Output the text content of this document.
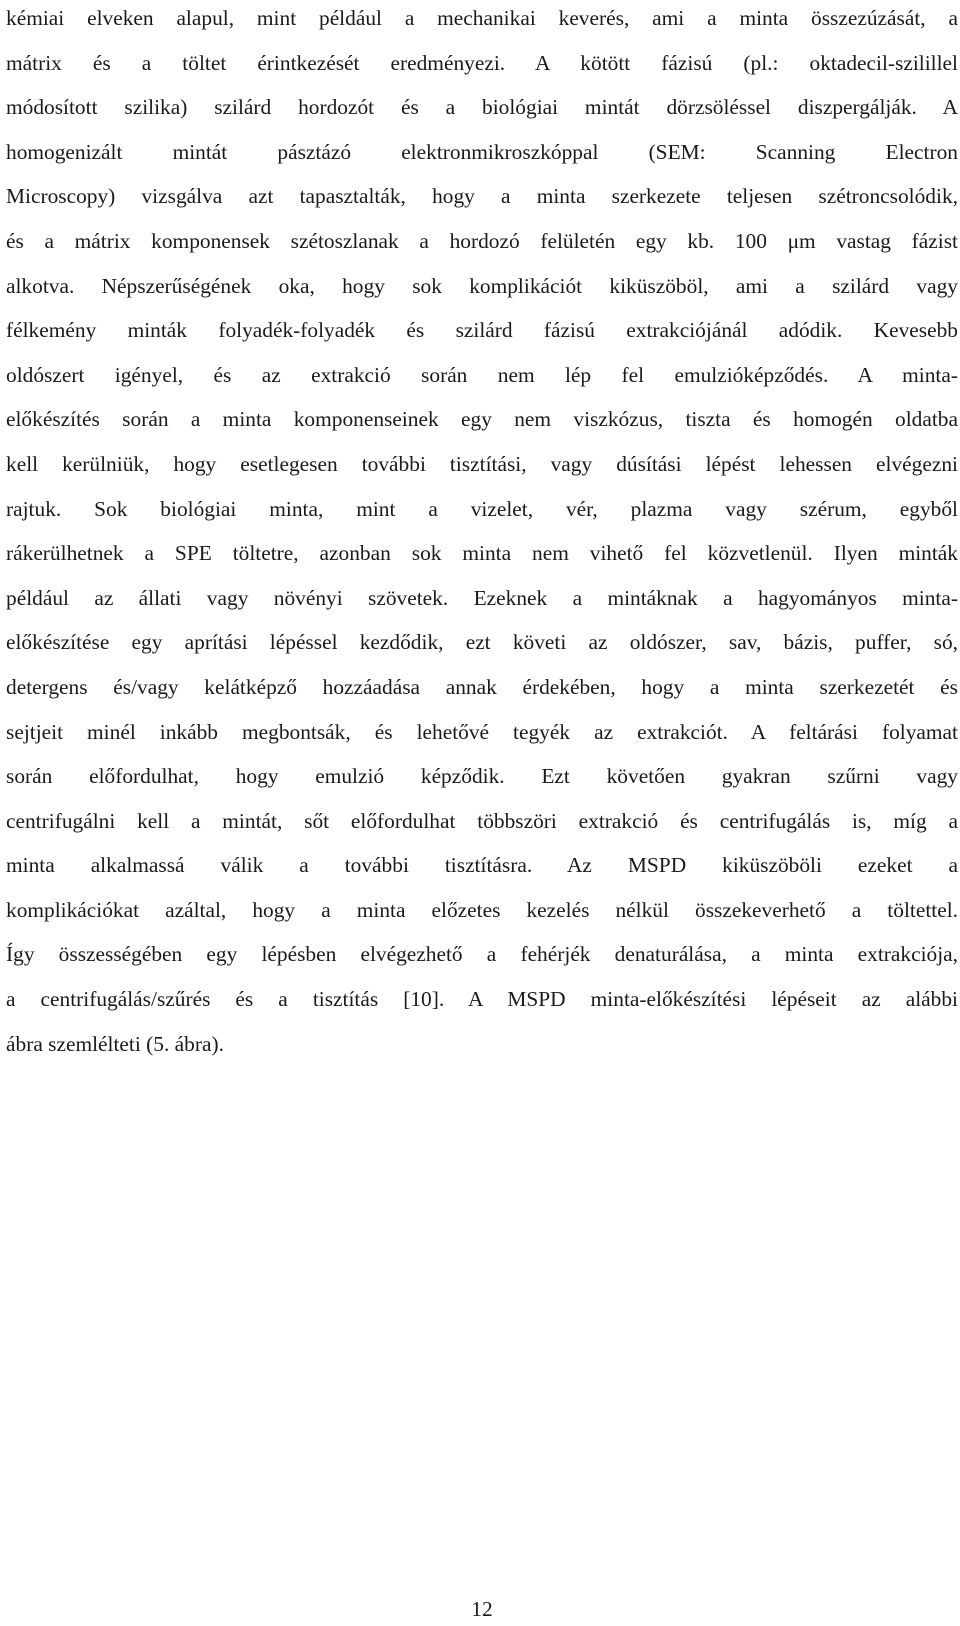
kémiai elveken alapul, mint például a mechanikai keverés, ami a minta összezúzását, a
mátrix és a töltet érintkezését eredményezi. A kötött fázisú (pl.: oktadecil-szilillel
módosított szilika) szilárd hordozót és a biológiai mintát dörzsöléssel diszpergálják. A
homogenizált mintát pásztázó elektronmikroszkóppal (SEM: Scanning Electron
Microscopy) vizsgálva azt tapasztalták, hogy a minta szerkezete teljesen szétroncsolódik,
és a mátrix komponensek szétoszlanak a hordozó felületén egy kb. 100 μm vastag fázist
alkotva. Népszerűségének oka, hogy sok komplikációt kiküszöböl, ami a szilárd vagy
félkemény minták folyadék-folyadék és szilárd fázisú extrakciójánál adódik. Kevesebb
oldószert igényel, és az extrakció során nem lép fel emulzióképződés. A minta-
előkészítés során a minta komponenseinek egy nem viszkózus, tiszta és homogén oldatba
kell kerülniük, hogy esetlegesen további tisztítási, vagy dúsítási lépést lehessen elvégezni
rajtuk. Sok biológiai minta, mint a vizelet, vér, plazma vagy szérum, egyből
rákerülhetnek a SPE töltetre, azonban sok minta nem vihető fel közvetlenül. Ilyen minták
például az állati vagy növényi szövetek. Ezeknek a mintáknak a hagyományos minta-
előkészítése egy aprítási lépéssel kezdődik, ezt követi az oldószer, sav, bázis, puffer, só,
detergens és/vagy kelátképző hozzáadása annak érdekében, hogy a minta szerkezetét és
sejtjeit minél inkább megbontsák, és lehetővé tegyék az extrakciót. A feltárási folyamat
során előfordulhat, hogy emulzió képződik. Ezt követően gyakran szűrni vagy
centrifugálni kell a mintát, sőt előfordulhat többszöri extrakció és centrifugálás is, míg a
minta alkalmassá válik a további tisztításra. Az MSPD kiküszöböli ezeket a
komplikációkat azáltal, hogy a minta előzetes kezelés nélkül összekeverhető a töltettel.
Így összességében egy lépésben elvégezhető a fehérjék denaturálása, a minta extrakciója,
a centrifugálás/szűrés és a tisztítás [10]. A MSPD minta-előkészítési lépéseit az alábbi
ábra szemlélteti (5. ábra).
12
